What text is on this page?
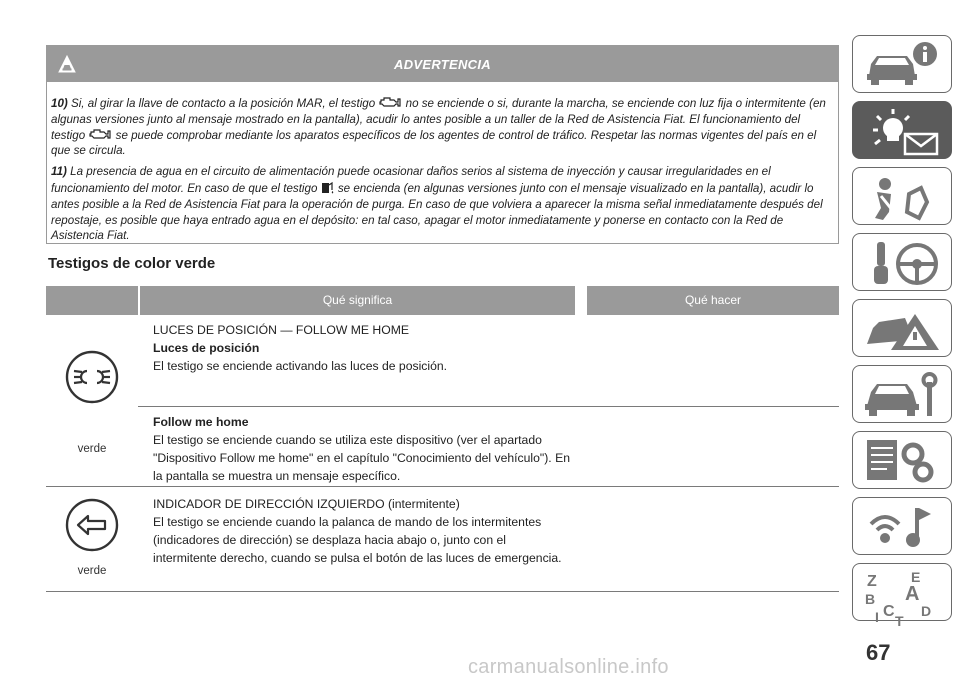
ADVERTENCIA

10) Si, al girar la llave de contacto a la posición MAR, el testigo	no se enciende o si, durante la marcha, se enciende con luz fija o intermitente (en algunas versiones junto al mensaje mostrado en la pantalla), acudir lo antes posible a un taller de la Red de Asistencia Fiat. El funcionamiento del testigo	se puede comprobar mediante los aparatos específicos de los agentes de control de tráfico. Respetar las normas vigentes del país en el que se circula.

11) La presencia de agua en el circuito de alimentación puede ocasionar daños serios al sistema de inyección y causar irregularidades en el funcionamiento del motor. En caso de que el testigo se encienda (en algunas versiones junto con el mensaje visualizado en la pantalla), acudir lo antes posible a la Red de Asistencia Fiat para la operación de purga. En caso de que volviera a aparecer la misma señal inmediatamente después del repostaje, es posible que haya entrado agua en el depósito: en tal caso, apagar el motor inmediatamente y ponerse en contacto con la Red de Asistencia Fiat.

Testigos de color verde
Qué significa	Qué hacer
verde
LUCES DE POSICIÓN — FOLLOW ME HOME
Luces de posición
El testigo se enciende activando las luces de posición.
Follow me home
El testigo se enciende cuando se utiliza este dispositivo (ver el apartado
"Dispositivo Follow me home" en el capítulo "Conocimiento del vehículo"). En
la pantalla se muestra un mensaje específico.
verde
INDICADOR DE DIRECCIÓN IZQUIERDO (intermitente)
El testigo se enciende cuando la palanca de mando de los intermitentes
(indicadores de dirección) se desplaza hacia abajo o, junto con el
intermitente derecho, cuando se pulsa el botón de las luces de emergencia.
Z E
A
B
C D
T
I
67
carmanualsonline.info
